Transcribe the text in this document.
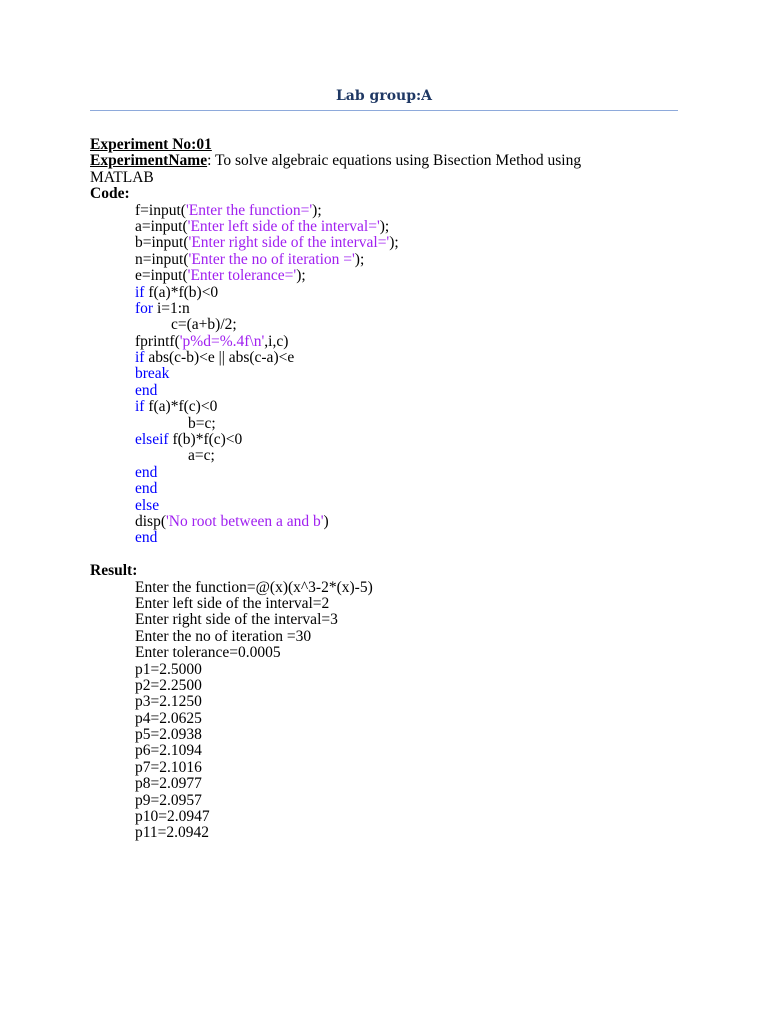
Lab group:A
Experiment No:01
ExperimentName: To solve algebraic equations using Bisection Method using
MATLAB
Code:
f=input('Enter the function=');
a=input('Enter left side of the interval=');
b=input('Enter right side of the interval=');
n=input('Enter the no of iteration =');
e=input('Enter tolerance=');
if f(a)*f(b)<0
for i=1:n
c=(a+b)/2;
fprintf('p%d=%.4f\n',i,c)
if abs(c-b)<e || abs(c-a)<e
break
end
if f(a)*f(c)<0
b=c;
elseif f(b)*f(c)<0
a=c;
end
end
else
disp('No root between a and b')
end
Result:
Enter the function=@(x)(x^3-2*(x)-5)
Enter left side of the interval=2
Enter right side of the interval=3
Enter the no of iteration =30
Enter tolerance=0.0005
p1=2.5000
p2=2.2500
p3=2.1250
p4=2.0625
p5=2.0938
p6=2.1094
p7=2.1016
p8=2.0977
p9=2.0957
p10=2.0947
p11=2.0942
